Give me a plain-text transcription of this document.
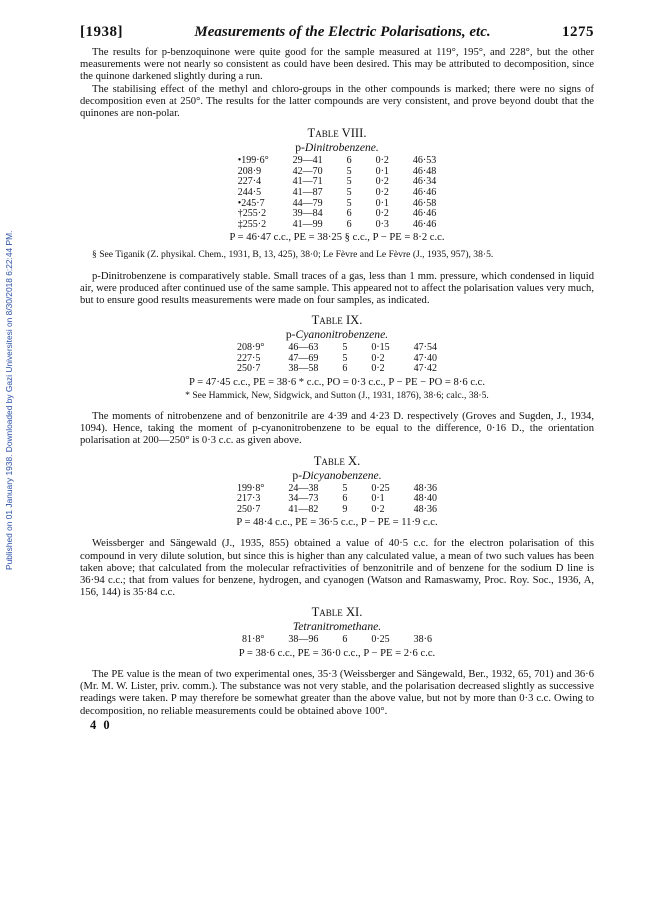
Published on 01 January 1938. Downloaded by Gazi Universitesi on 8/30/2018 6:22:44 PM.
[1938]	Measurements of the Electric Polarisations, etc.	1275

The results for p-benzoquinone were quite good for the sample measured at 119°, 195°, and 228°, but the other measurements were not nearly so consistent as could have been desired. This may be attributed to decomposition, since the quinone darkened slightly during a run.

The stabilising effect of the methyl and chloro-groups in the other compounds is marked; there were no signs of decomposition even at 250°. The results for the latter compounds are very consistent, and prove beyond doubt that the quinones are non-polar.

Table VIII.
p-Dinitrobenzene.
•199·6°	29—41	6	0·2	46·53
208·9	42—70	5	0·1	46·48
227·4	41—71	5	0·2	46·34
244·5	41—87	5	0·2	46·46
•245·7	44—79	5	0·1	46·58
†255·2	39—84	6	0·2	46·46
‡255·2	41—99	6	0·3	46·46
P = 46·47 c.c., PE = 38·25 § c.c., P − PE = 8·2 c.c.

§ See Tiganik (Z. physikal. Chem., 1931, B, 13, 425), 38·0; Le Fèvre and Le Fèvre (J., 1935, 957), 38·5.

p-Dinitrobenzene is comparatively stable. Small traces of a gas, less than 1 mm. pressure, which condensed in liquid air, were produced after continued use of the same sample. This appeared not to affect the polarisation values very much, but to ensure good results measurements were made on four samples, as indicated.

Table IX.
p-Cyanonitrobenzene.
208·9°	46—63	5	0·15	47·54
227·5	47—69	5	0·2	47·40
250·7	38—58	6	0·2	47·42
P = 47·45 c.c., PE = 38·6 * c.c., PO = 0·3 c.c., P − PE − PO = 8·6 c.c.
* See Hammick, New, Sidgwick, and Sutton (J., 1931, 1876), 38·6; calc., 38·5.

The moments of nitrobenzene and of benzonitrile are 4·39 and 4·23 D. respectively (Groves and Sugden, J., 1934, 1094). Hence, taking the moment of p-cyanonitrobenzene to be equal to the difference, 0·16 D., the orientation polarisation at 200—250° is 0·3 c.c. as given above.

Table X.
p-Dicyanobenzene.
199·8°	24—38	5	0·25	48·36
217·3	34—73	6	0·1	48·40
250·7	41—82	9	0·2	48·36
P = 48·4 c.c., PE = 36·5 c.c., P − PE = 11·9 c.c.

Weissberger and Sängewald (J., 1935, 855) obtained a value of 40·5 c.c. for the electron polarisation of this compound in very dilute solution, but since this is higher than any calculated value, a mean of two such values has been taken above; that calculated from the molecular refractivities of benzonitrile and of benzene for the sodium D line is 36·94 c.c.; that from values for benzene, hydrogen, and cyanogen (Watson and Ramaswamy, Proc. Roy. Soc., 1936, A, 156, 144) is 35·84 c.c.

Table XI.
Tetranitromethane.
81·8°	38—96	6	0·25	38·6
P = 38·6 c.c., PE = 36·0 c.c., P − PE = 2·6 c.c.

The PE value is the mean of two experimental ones, 35·3 (Weissberger and Sängewald, Ber., 1932, 65, 701) and 36·6 (Mr. M. W. Lister, priv. comm.). The substance was not very stable, and the polarisation decreased slightly as successive readings were taken. P may therefore be somewhat greater than the above value, but not by more than 0·3 c.c. Owing to decomposition, no reliable measurements could be obtained above 100°.

4 0
